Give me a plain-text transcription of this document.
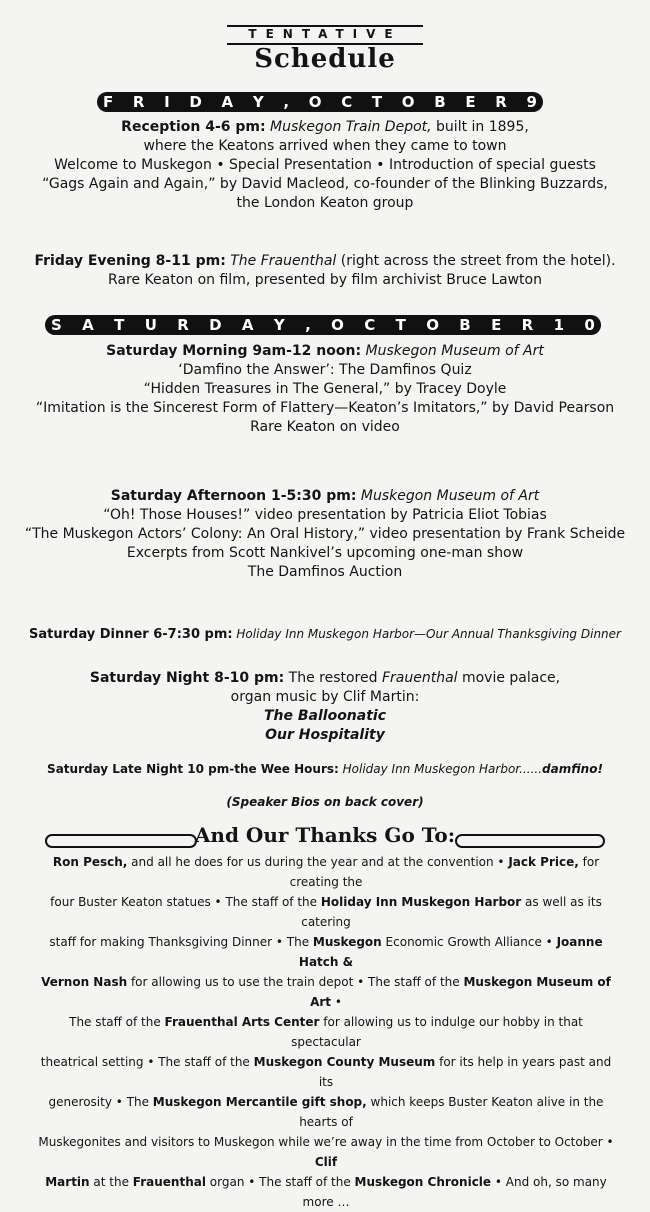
TENTATIVE
Schedule
F R I D A Y , O C T O B E R 9
Reception 4-6 pm: Muskegon Train Depot, built in 1895,
where the Keatons arrived when they came to town
Welcome to Muskegon • Special Presentation • Introduction of special guests
“Gags Again and Again,” by David Macleod, co-founder of the Blinking Buzzards,
the London Keaton group
Friday Evening 8-11 pm: The Frauenthal (right across the street from the hotel).
Rare Keaton on film, presented by film archivist Bruce Lawton
S A T U R D A Y , O C T O B E R 1 0
Saturday Morning 9am-12 noon: Muskegon Museum of Art
‘Damfino the Answer’: The Damfinos Quiz
“Hidden Treasures in The General,” by Tracey Doyle
“Imitation is the Sincerest Form of Flattery—Keaton’s Imitators,” by David Pearson
Rare Keaton on video
Saturday Afternoon 1-5:30 pm: Muskegon Museum of Art
“Oh! Those Houses!” video presentation by Patricia Eliot Tobias
“The Muskegon Actors’ Colony: An Oral History,” video presentation by Frank Scheide
Excerpts from Scott Nankivel’s upcoming one-man show
The Damfinos Auction
Saturday Dinner 6-7:30 pm: Holiday Inn Muskegon Harbor—Our Annual Thanksgiving Dinner
Saturday Night 8-10 pm: The restored Frauenthal movie palace,
organ music by Clif Martin:
The Balloonatic
Our Hospitality
Saturday Late Night 10 pm-the Wee Hours: Holiday Inn Muskegon Harbor......damfino!
(Speaker Bios on back cover)
And Our Thanks Go To:
Ron Pesch, and all he does for us during the year and at the convention • Jack Price, for creating the
four Buster Keaton statues • The staff of the Holiday Inn Muskegon Harbor as well as its catering
staff for making Thanksgiving Dinner • The Muskegon Economic Growth Alliance • Joanne Hatch &
Vernon Nash for allowing us to use the train depot • The staff of the Muskegon Museum of Art •
The staff of the Frauenthal Arts Center for allowing us to indulge our hobby in that spectacular
theatrical setting • The staff of the Muskegon County Museum for its help in years past and its
generosity • The Muskegon Mercantile gift shop, which keeps Buster Keaton alive in the hearts of
Muskegonites and visitors to Muskegon while we’re away in the time from October to October • Clif
Martin at the Frauenthal organ • The staff of the Muskegon Chronicle • And oh, so many more …
